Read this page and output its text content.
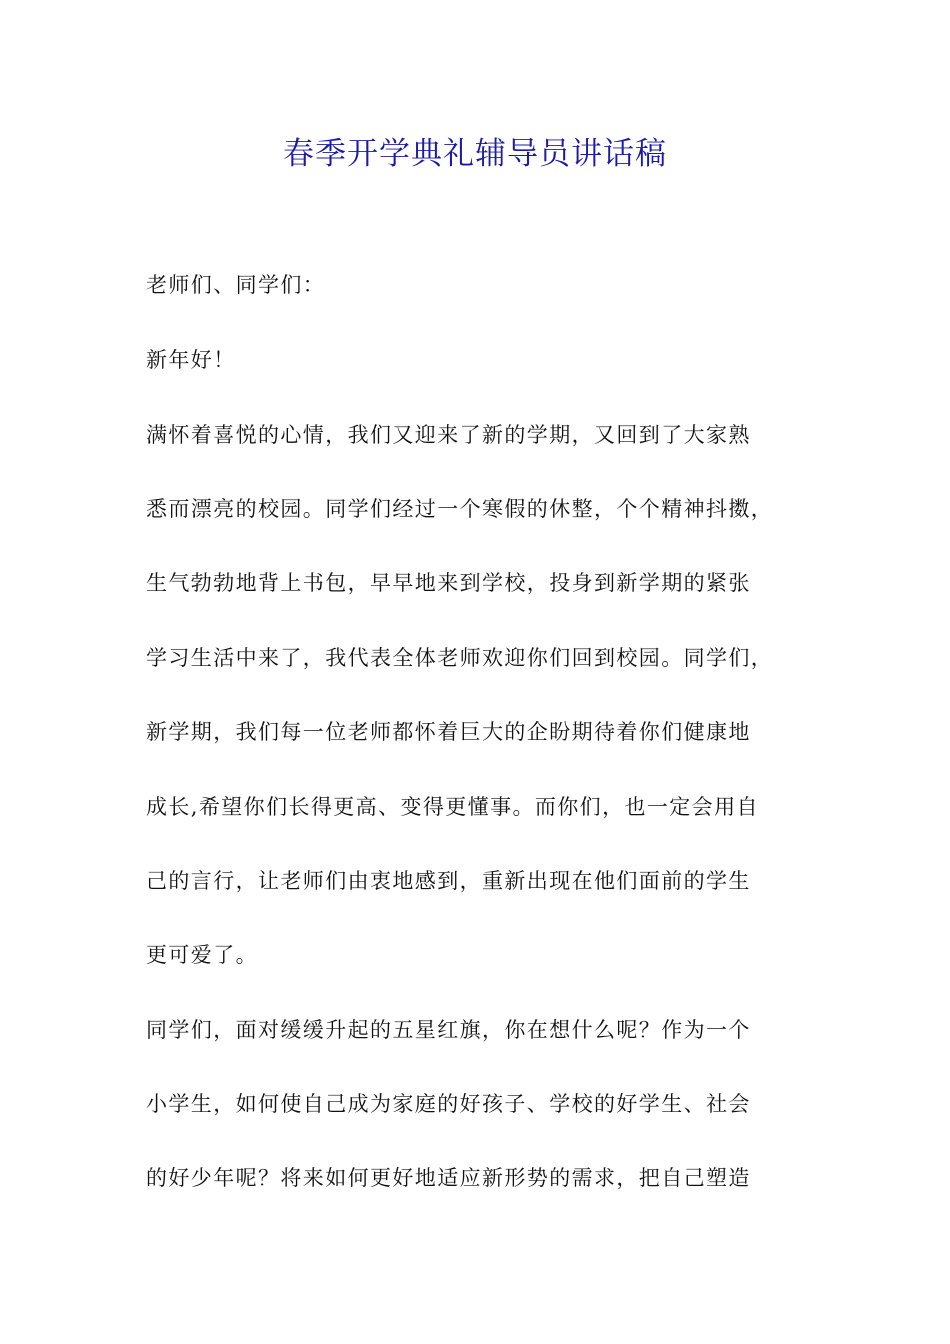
春季开学典礼辅导员讲话稿

老师们、同学们：

新年好！

满怀着喜悦的心情，我们又迎来了新的学期，又回到了大家熟

悉而漂亮的校园。同学们经过一个寒假的休整，个个精神抖擞，

生气勃勃地背上书包，早早地来到学校，投身到新学期的紧张

学习生活中来了，我代表全体老师欢迎你们回到校园。同学们，

新学期，我们每一位老师都怀着巨大的企盼期待着你们健康地

成长,希望你们长得更高、变得更懂事。而你们，也一定会用自

己的言行，让老师们由衷地感到，重新出现在他们面前的学生

更可爱了。

同学们，面对缓缓升起的五星红旗，你在想什么呢？作为一个

小学生，如何使自己成为家庭的好孩子、学校的好学生、社会

的好少年呢？将来如何更好地适应新形势的需求，把自己塑造
